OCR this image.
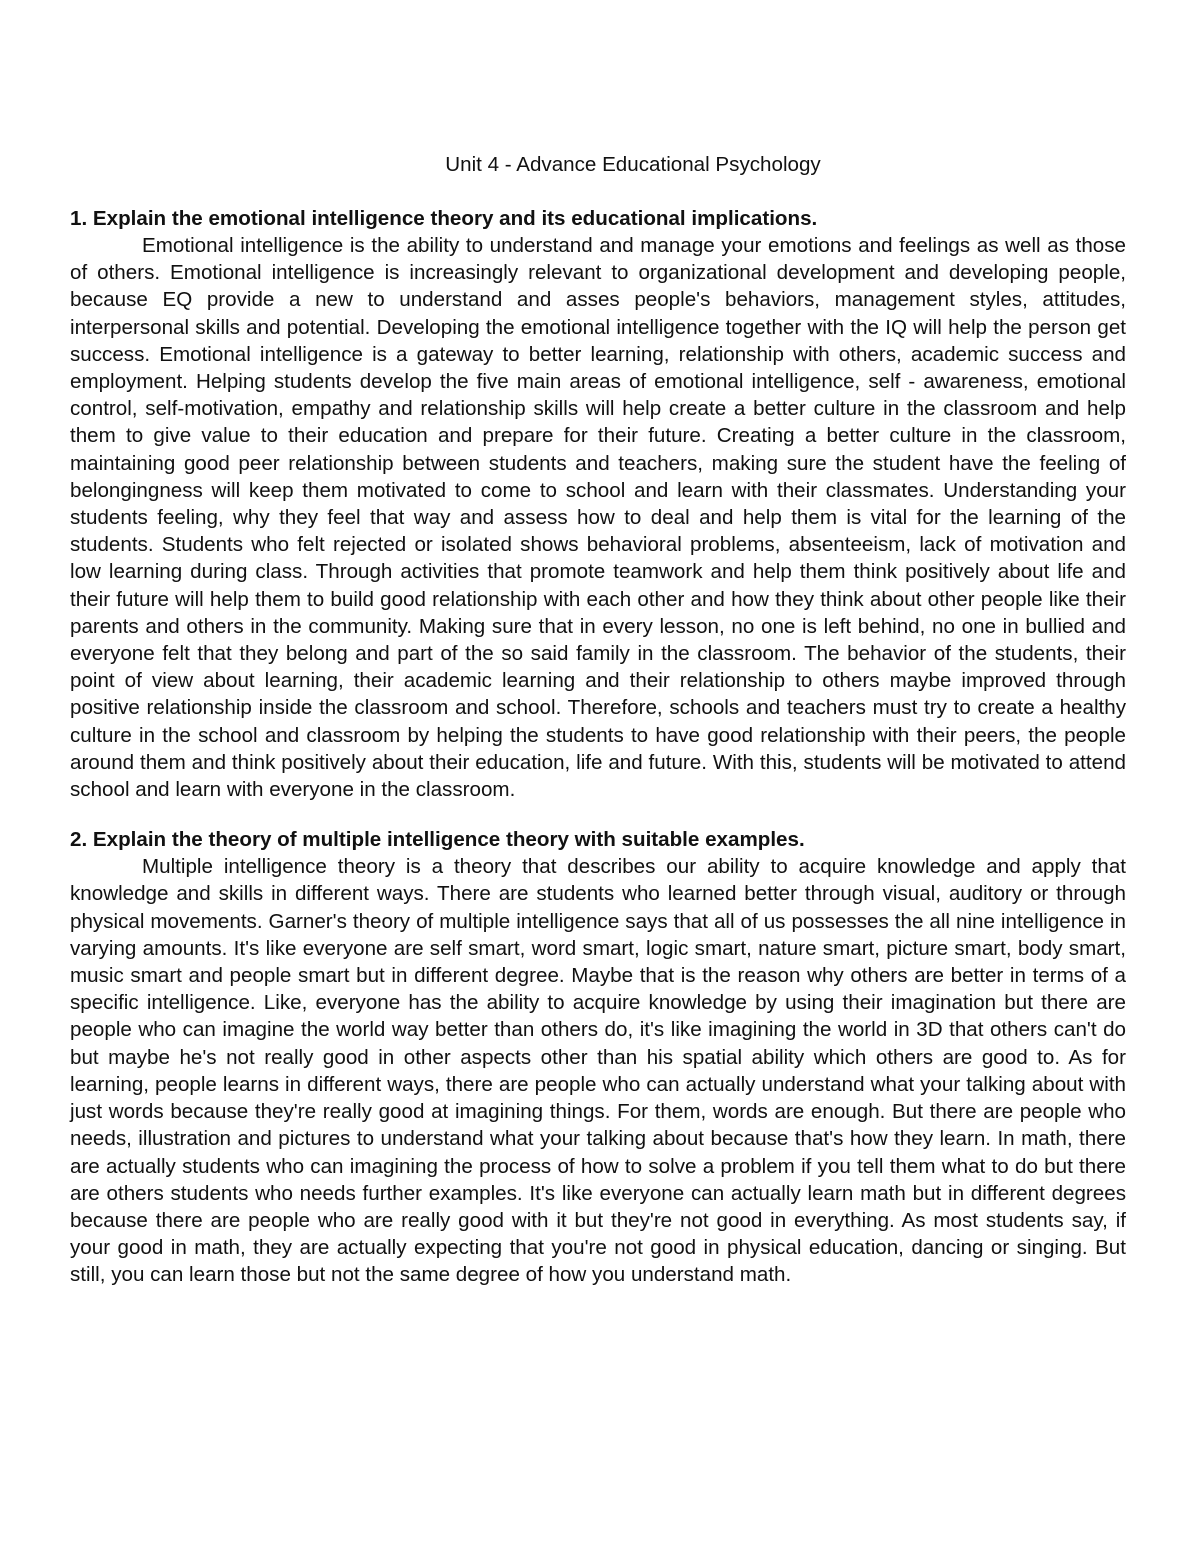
Unit 4 - Advance Educational Psychology

1. Explain the emotional intelligence theory and its educational implications.

Emotional intelligence is the ability to understand and manage your emotions and feelings as well as those of others. Emotional intelligence is increasingly relevant to organizational development and developing people, because EQ provide a new to understand and asses people's behaviors, management styles, attitudes, interpersonal skills and potential. Developing the emotional intelligence together with the IQ will help the person get success. Emotional intelligence is a gateway to better learning, relationship with others, academic success and employment. Helping students develop the five main areas of emotional intelligence, self - awareness, emotional control, self-motivation, empathy and relationship skills will help create a better culture in the classroom and help them to give value to their education and prepare for their future. Creating a better culture in the classroom, maintaining good peer relationship between students and teachers, making sure the student have the feeling of belongingness will keep them motivated to come to school and learn with their classmates. Understanding your students feeling, why they feel that way and assess how to deal and help them is vital for the learning of the students. Students who felt rejected or isolated shows behavioral problems, absenteeism, lack of motivation and low learning during class. Through activities that promote teamwork and help them think positively about life and their future will help them to build good relationship with each other and how they think about other people like their parents and others in the community. Making sure that in every lesson, no one is left behind, no one in bullied and everyone felt that they belong and part of the so said family in the classroom. The behavior of the students, their point of view about learning, their academic learning and their relationship to others maybe improved through positive relationship inside the classroom and school. Therefore, schools and teachers must try to create a healthy culture in the school and classroom by helping the students to have good relationship with their peers, the people around them and think positively about their education, life and future. With this, students will be motivated to attend school and learn with everyone in the classroom.

2. Explain the theory of multiple intelligence theory with suitable examples.

Multiple intelligence theory is a theory that describes our ability to acquire knowledge and apply that knowledge and skills in different ways. There are students who learned better through visual, auditory or through physical movements. Garner's theory of multiple intelligence says that all of us possesses the all nine intelligence in varying amounts. It's like everyone are self smart, word smart, logic smart, nature smart, picture smart, body smart, music smart and people smart but in different degree. Maybe that is the reason why others are better in terms of a specific intelligence. Like, everyone has the ability to acquire knowledge by using their imagination but there are people who can imagine the world way better than others do, it's like imagining the world in 3D that others can't do but maybe he's not really good in other aspects other than his spatial ability which others are good to. As for learning, people learns in different ways, there are people who can actually understand what your talking about with just words because they're really good at imagining things. For them, words are enough. But there are people who needs, illustration and pictures to understand what your talking about because that's how they learn. In math, there are actually students who can imagining the process of how to solve a problem if you tell them what to do but there are others students who needs further examples. It's like everyone can actually learn math but in different degrees because there are people who are really good with it but they're not good in everything. As most students say, if your good in math, they are actually expecting that you're not good in physical education, dancing or singing. But still, you can learn those but not the same degree of how you understand math.
